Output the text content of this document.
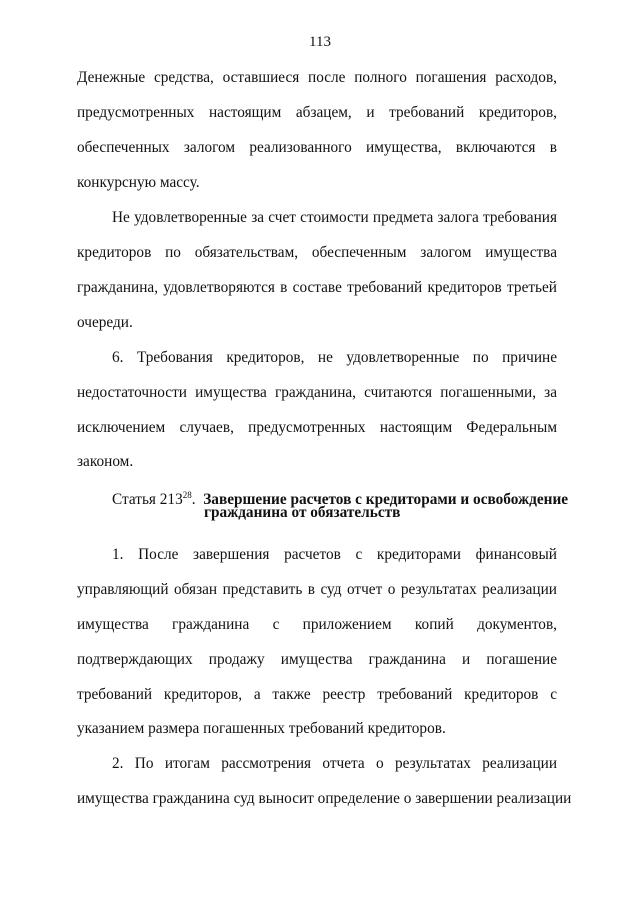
113
Денежные средства, оставшиеся после полного погашения расходов,
предусмотренных настоящим абзацем, и требований кредиторов,
обеспеченных залогом реализованного имущества, включаются в
конкурсную массу.
Не удовлетворенные за счет стоимости предмета залога требования
кредиторов по обязательствам, обеспеченным залогом имущества
гражданина, удовлетворяются в составе требований кредиторов третьей
очереди.
6. Требования кредиторов, не удовлетворенные по причине
недостаточности имущества гражданина, считаются погашенными, за
исключением случаев, предусмотренных настоящим Федеральным
законом.
Статья $213^{28}$. Завершение расчетов с кредиторами и освобождение
гражданина от обязательств
1. После завершения расчетов с кредиторами финансовый
управляющий обязан представить в суд отчет о результатах реализации
имущества гражданина с приложением копий документов,
подтверждающих продажу имущества гражданина и погашение
требований кредиторов, а также реестр требований кредиторов с
указанием размера погашенных требований кредиторов.
2. По итогам рассмотрения отчета о результатах реализации
имущества гражданина суд выносит определение о завершении реализации
